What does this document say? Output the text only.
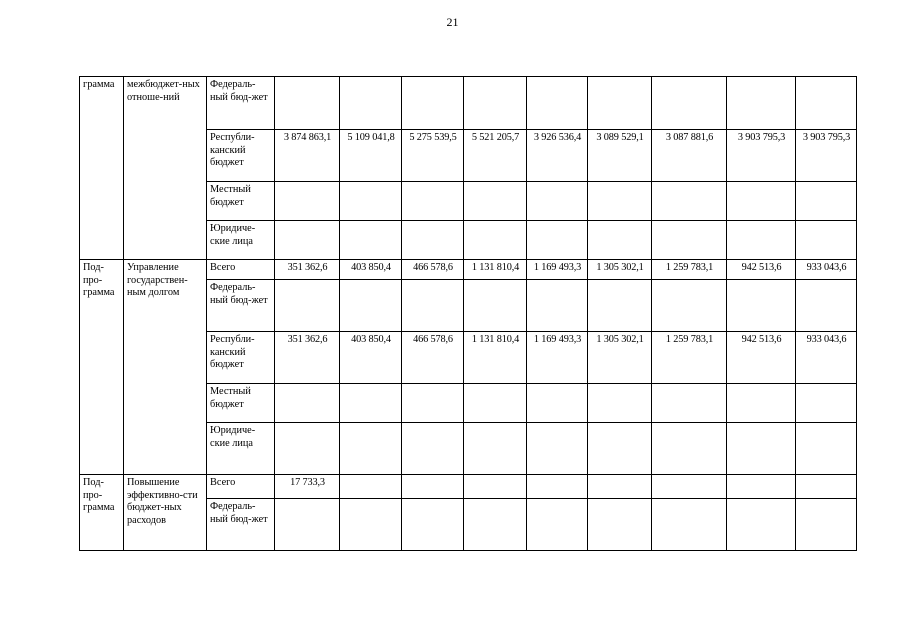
21
грамма	межбюджет-ных отноше-ний	Федераль-ный бюд-жет									
		Республи-канский бюджет	3 874 863,1	5 109 041,8	5 275 539,5	5 521 205,7	3 926 536,4	3 089 529,1	3 087 881,6	3 903 795,3	3 903 795,3
		Местный бюджет									
		Юридиче-ские лица									
Под-про-грамма	Управление государствен-ным долгом	Всего	351 362,6	403 850,4	466 578,6	1 131 810,4	1 169 493,3	1 305 302,1	1 259 783,1	942 513,6	933 043,6
		Федераль-ный бюд-жет									
		Республи-канский бюджет	351 362,6	403 850,4	466 578,6	1 131 810,4	1 169 493,3	1 305 302,1	1 259 783,1	942 513,6	933 043,6
		Местный бюджет									
		Юридиче-ские лица									
Под-про-грамма	Повышение эффективно-сти бюджет-ных расходов	Всего	17 733,3								
		Федераль-ный бюд-жет									
